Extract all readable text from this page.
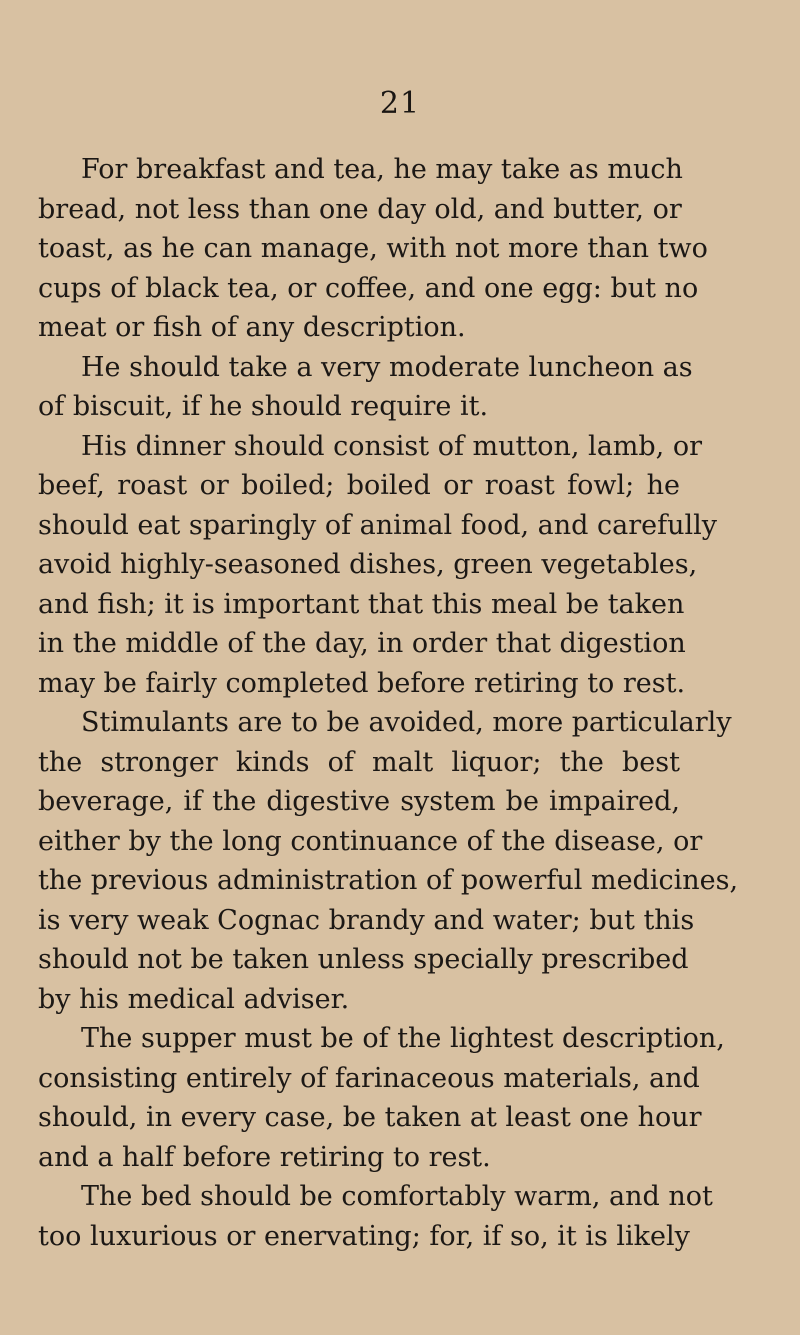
21
For breakfast and tea, he may take as much
bread, not less than one day old, and butter, or
toast, as he can manage, with not more than two
cups of black tea, or coffee, and one egg: but no
meat or fish of any description.
He should take a very moderate luncheon as
of biscuit, if he should require it.
His dinner should consist of mutton, lamb, or
beef, roast or boiled; boiled or roast fowl; he
should eat sparingly of animal food, and carefully
avoid highly-seasoned dishes, green vegetables,
and fish; it is important that this meal be taken
in the middle of the day, in order that digestion
may be fairly completed before retiring to rest.
Stimulants are to be avoided, more particularly
the stronger kinds of malt liquor; the best
beverage, if the digestive system be impaired,
either by the long continuance of the disease, or
the previous administration of powerful medicines,
is very weak Cognac brandy and water; but this
should not be taken unless specially prescribed
by his medical adviser.
The supper must be of the lightest description,
consisting entirely of farinaceous materials, and
should, in every case, be taken at least one hour
and a half before retiring to rest.
The bed should be comfortably warm, and not
too luxurious or enervating; for, if so, it is likely
